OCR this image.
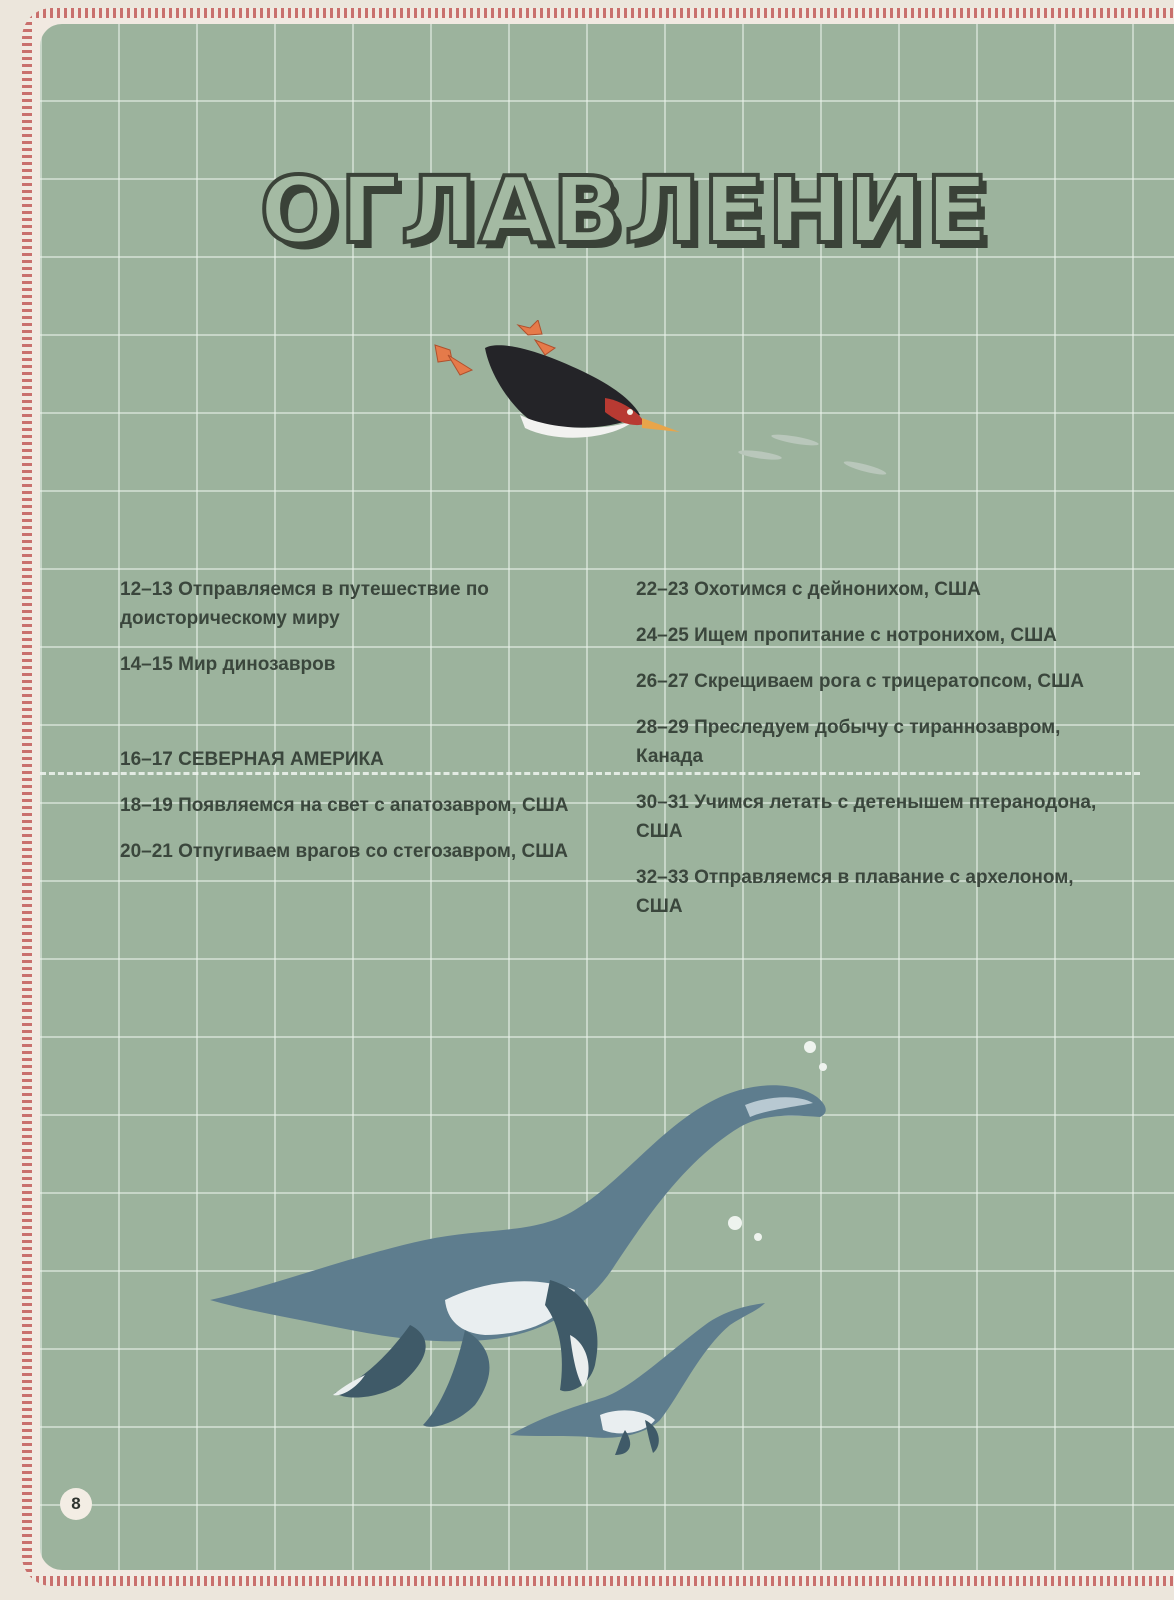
ОГЛАВЛЕНИЕ

12–13 Отправляемся в путешествие по доисторическому миру

14–15 Мир динозавров

16–17 СЕВЕРНАЯ АМЕРИКА

18–19 Появляемся на свет с апатозавром, США

20–21 Отпугиваем врагов со стегозавром, США

22–23 Охотимся с дейнонихом, США

24–25 Ищем пропитание с нотронихом, США

26–27 Скрещиваем рога с трицератопсом, США

28–29 Преследуем добычу с тираннозавром, Канада

30–31 Учимся летать с детенышем птеранодона, США

32–33 Отправляемся в плавание с архелоном, США

8
